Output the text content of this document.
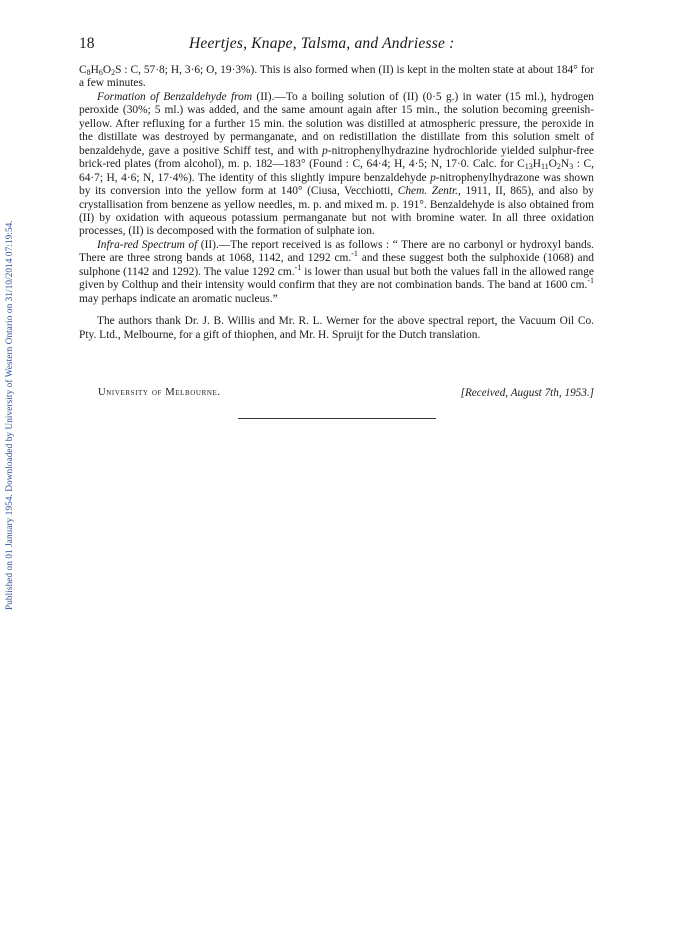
Published on 01 January 1954. Downloaded by University of Western Ontario on 31/10/2014 07:19:54.
18	Heertjes, Knape, Talsma, and Andriesse :

$C_8H_6O_2S$ : C, 57·8; H, 3·6; O, 19·3%). This is also formed when (II) is kept in the molten state at about 184° for a few minutes.

Formation of Benzaldehyde from (II).—To a boiling solution of (II) (0·5 g.) in water (15 ml.), hydrogen peroxide (30%; 5 ml.) was added, and the same amount again after 15 min., the solution becoming greenish-yellow. After refluxing for a further 15 min. the solution was distilled at atmospheric pressure, the peroxide in the distillate was destroyed by permanganate, and on redistillation the distillate from this solution smelt of benzaldehyde, gave a positive Schiff test, and with p-nitrophenylhydrazine hydrochloride yielded sulphur-free brick-red plates (from alcohol), m. p. 182—183° (Found : C, 64·4; H, 4·5; N, 17·0. Calc. for $C_{13}H_{11}O_2N_3$ : C, 64·7; H, 4·6; N, 17·4%). The identity of this slightly impure benzaldehyde p-nitrophenylhydrazone was shown by its conversion into the yellow form at 140° (Ciusa, Vecchiotti, Chem. Zentr., 1911, II, 865), and also by crystallisation from benzene as yellow needles, m. p. and mixed m. p. 191°. Benzaldehyde is also obtained from (II) by oxidation with aqueous potassium permanganate but not with bromine water. In all three oxidation processes, (II) is decomposed with the formation of sulphate ion.

Infra-red Spectrum of (II).—The report received is as follows : “ There are no carbonyl or hydroxyl bands. There are three strong bands at 1068, 1142, and 1292 cm.$^{-1}$ and these suggest both the sulphoxide (1068) and sulphone (1142 and 1292). The value 1292 cm.$^{-1}$ is lower than usual but both the values fall in the allowed range given by Colthup and their intensity would confirm that they are not combination bands. The band at 1600 cm.$^{-1}$ may perhaps indicate an aromatic nucleus.”

The authors thank Dr. J. B. Willis and Mr. R. L. Werner for the above spectral report, the Vacuum Oil Co. Pty. Ltd., Melbourne, for a gift of thiophen, and Mr. H. Spruijt for the Dutch translation.

University of Melbourne.	[Received, August 7th, 1953.]
